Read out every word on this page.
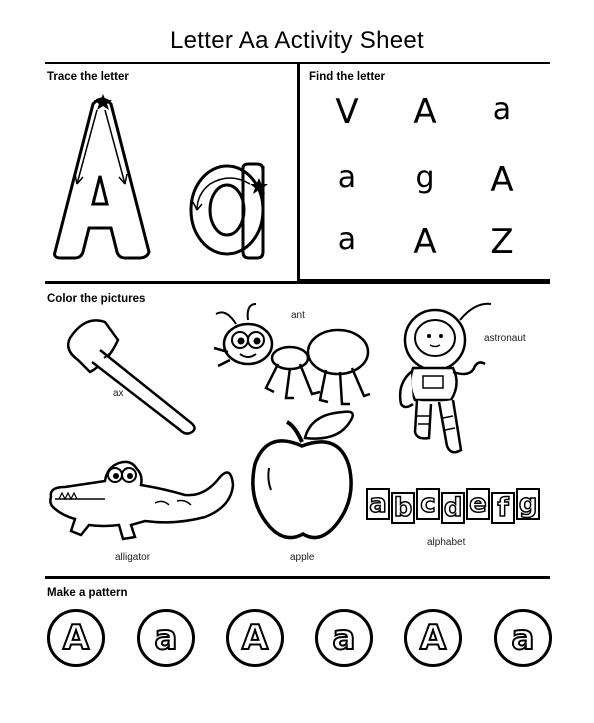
Letter Aa Activity Sheet
Trace the letter	Find the letter
V	A	a
a	g	A
a	A	Z
Color the pictures
ax
ant
astronaut
alligator	apple
a b c d e f g
alphabet
Make a pattern
A	a	A	a	A	a
